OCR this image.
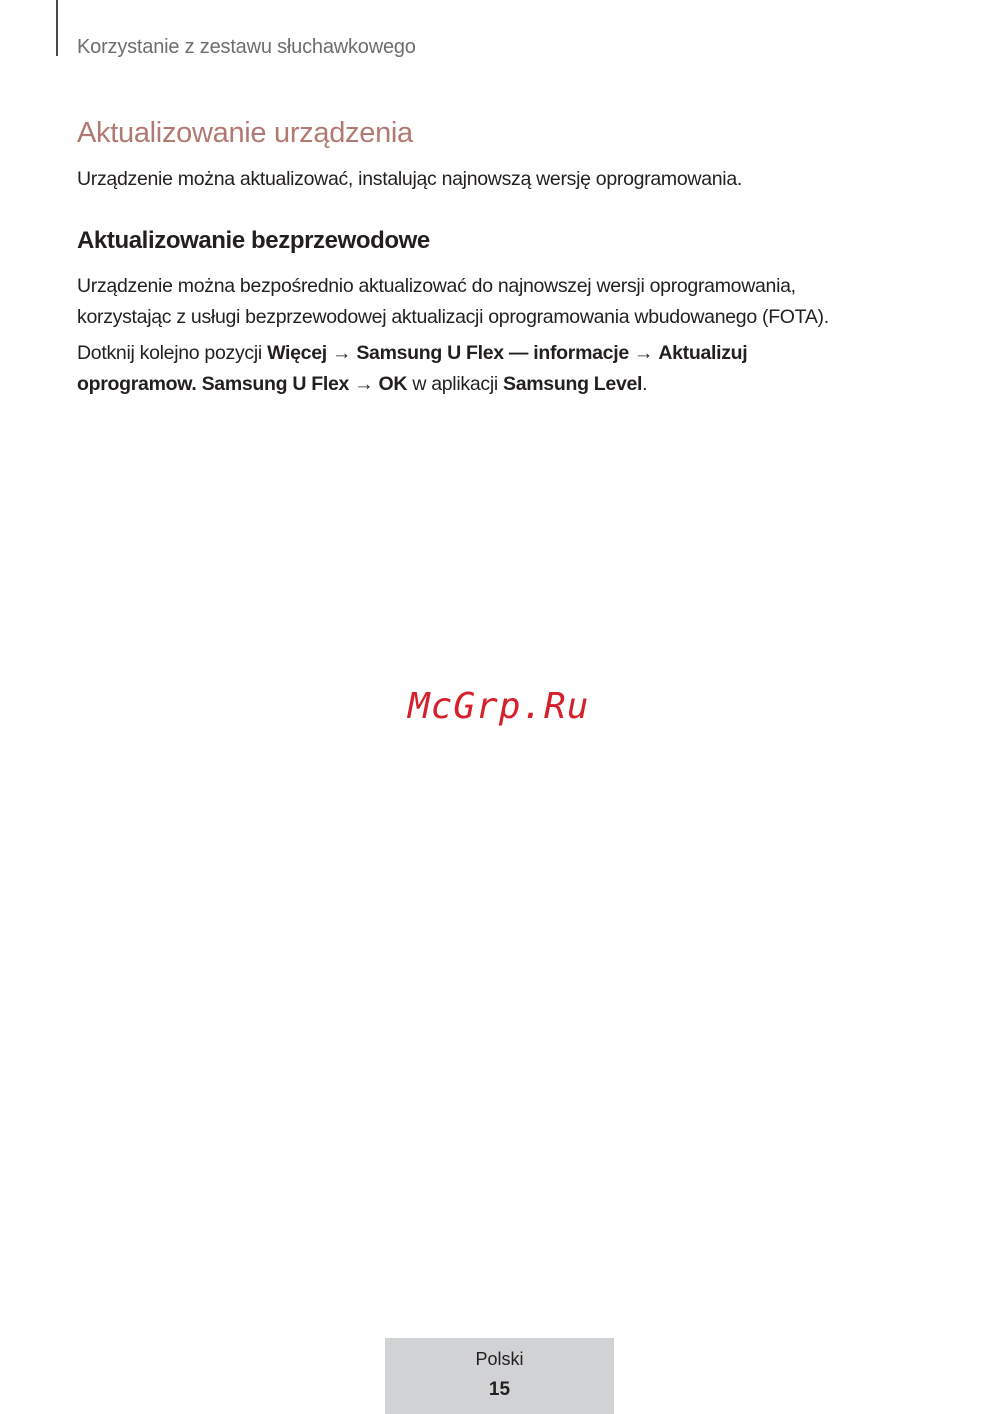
Korzystanie z zestawu słuchawkowego
Aktualizowanie urządzenia

Urządzenie można aktualizować, instalując najnowszą wersję oprogramowania.

Aktualizowanie bezprzewodowe

Urządzenie można bezpośrednio aktualizować do najnowszej wersji oprogramowania,
korzystając z usługi bezprzewodowej aktualizacji oprogramowania wbudowanego (FOTA).

Dotknij kolejno pozycji Więcej → Samsung U Flex — informacje → Aktualizuj
oprogramow. Samsung U Flex → OK w aplikacji Samsung Level.

McGrp.Ru
Polski
15
